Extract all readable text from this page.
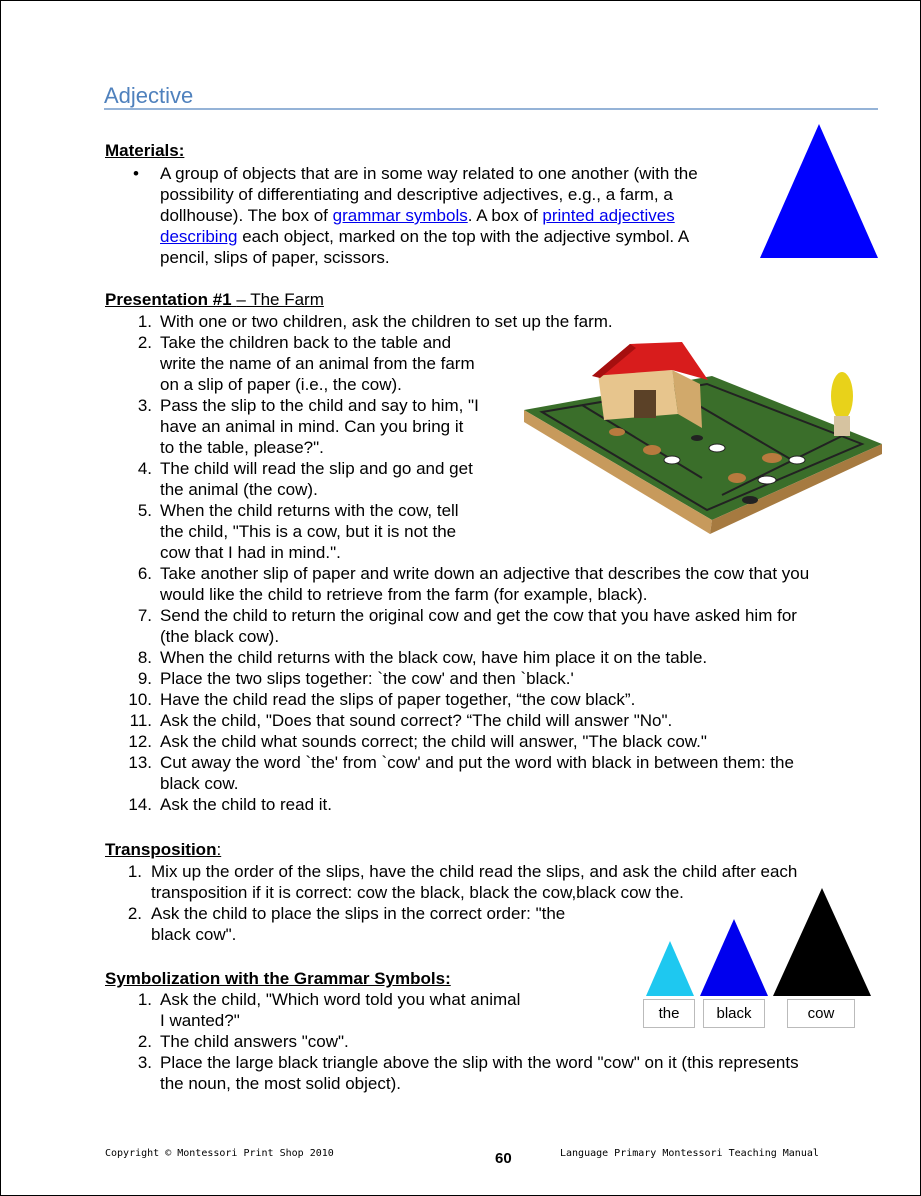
Adjective
Materials:
• A group of objects that are in some way related to one another (with the
possibility of differentiating and descriptive adjectives, e.g., a farm, a
dollhouse). The box of grammar symbols. A box of printed adjectives
describing each object, marked on the top with the adjective symbol. A
pencil, slips of paper, scissors.
Presentation #1 – The Farm
1. With one or two children, ask the children to set up the farm.
2. Take the children back to the table and
write the name of an animal from the farm
on a slip of paper (i.e., the cow).
3. Pass the slip to the child and say to him, "I
have an animal in mind. Can you bring it
to the table, please?".
4. The child will read the slip and go and get
the animal (the cow).
5. When the child returns with the cow, tell
the child, "This is a cow, but it is not the
cow that I had in mind.".
6. Take another slip of paper and write down an adjective that describes the cow that you
would like the child to retrieve from the farm (for example, black).
7. Send the child to return the original cow and get the cow that you have asked him for
(the black cow).
8. When the child returns with the black cow, have him place it on the table.
9. Place the two slips together: `the cow' and then `black.'
10. Have the child read the slips of paper together, “the cow black”.
11. Ask the child, "Does that sound correct? “The child will answer "No".
12. Ask the child what sounds correct; the child will answer, "The black cow."
13. Cut away the word `the' from `cow' and put the word with black in between them: the
black cow.
14. Ask the child to read it.
Transposition:
1. Mix up the order of the slips, have the child read the slips, and ask the child after each
transposition if it is correct: cow the black, black the cow,black cow the.
2. Ask the child to place the slips in the correct order: "the
black cow".
Symbolization with the Grammar Symbols:
1. Ask the child, "Which word told you what animal
I wanted?"
2. The child answers "cow".
3. Place the large black triangle above the slip with the word "cow" on it (this represents
the noun, the most solid object).
the	black	cow
Copyright © Montessori Print Shop 2010	60	Language Primary Montessori Teaching Manual
